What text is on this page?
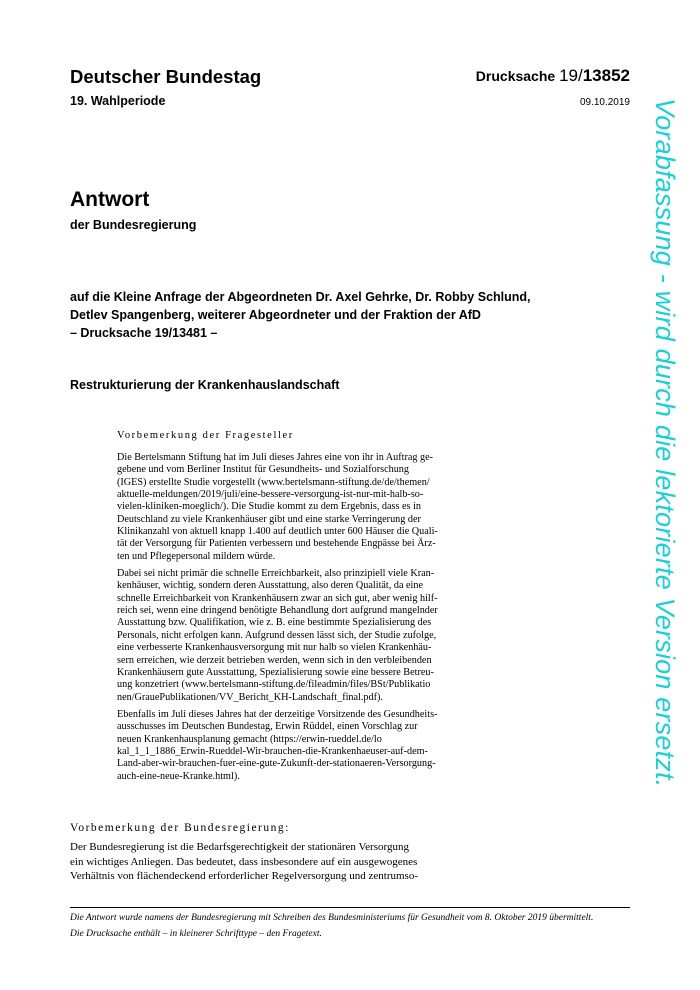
Deutscher Bundestag
19. Wahlperiode
Drucksache 19/13852
09.10.2019
Antwort
der Bundesregierung
auf die Kleine Anfrage der Abgeordneten Dr. Axel Gehrke, Dr. Robby Schlund,
Detlev Spangenberg, weiterer Abgeordneter und der Fraktion der AfD
– Drucksache 19/13481 –
Restrukturierung der Krankenhauslandschaft
Vorbemerkung der Fragesteller

Die Bertelsmann Stiftung hat im Juli dieses Jahres eine von ihr in Auftrag ge-
gebene und vom Berliner Institut für Gesundheits- und Sozialforschung
(IGES) erstellte Studie vorgestellt (www.bertelsmann-stiftung.de/de/themen/
aktuelle-meldungen/2019/juli/eine-bessere-versorgung-ist-nur-mit-halb-so-
vielen-kliniken-moeglich/). Die Studie kommt zu dem Ergebnis, dass es in
Deutschland zu viele Krankenhäuser gibt und eine starke Verringerung der
Klinikanzahl von aktuell knapp 1.400 auf deutlich unter 600 Häuser die Quali-
tät der Versorgung für Patienten verbessern und bestehende Engpässe bei Ärz-
ten und Pflegepersonal mildern würde.

Dabei sei nicht primär die schnelle Erreichbarkeit, also prinzipiell viele Kran-
kenhäuser, wichtig, sondern deren Ausstattung, also deren Qualität, da eine
schnelle Erreichbarkeit von Krankenhäusern zwar an sich gut, aber wenig hilf-
reich sei, wenn eine dringend benötigte Behandlung dort aufgrund mangelnder
Ausstattung bzw. Qualifikation, wie z. B. eine bestimmte Spezialisierung des
Personals, nicht erfolgen kann. Aufgrund dessen lässt sich, der Studie zufolge,
eine verbesserte Krankenhausversorgung mit nur halb so vielen Krankenhäu-
sern erreichen, wie derzeit betrieben werden, wenn sich in den verbleibenden
Krankenhäusern gute Ausstattung, Spezialisierung sowie eine bessere Betreu-
ung konzetriert (www.bertelsmann-stiftung.de/fileadmin/files/BSt/Publikatio
nen/GrauePublikationen/VV_Bericht_KH-Landschaft_final.pdf).

Ebenfalls im Juli dieses Jahres hat der derzeitige Vorsitzende des Gesundheits-
ausschusses im Deutschen Bundestag, Erwin Rüddel, einen Vorschlag zur
neuen Krankenhausplanung gemacht (https://erwin-rueddel.de/lo
kal_1_1_1886_Erwin-Rueddel-Wir-brauchen-die-Krankenhaeuser-auf-dem-
Land-aber-wir-brauchen-fuer-eine-gute-Zukunft-der-stationaeren-Versorgung-
auch-eine-neue-Kranke.html).

Vorbemerkung der Bundesregierung:

Der Bundesregierung ist die Bedarfsgerechtigkeit der stationären Versorgung
ein wichtiges Anliegen. Das bedeutet, dass insbesondere auf ein ausgewogenes
Verhältnis von flächendeckend erforderlicher Regelversorgung und zentrumso-

Die Antwort wurde namens der Bundesregierung mit Schreiben des Bundesministeriums für Gesundheit vom 8. Oktober 2019 übermittelt.

Die Drucksache enthält – in kleinerer Schrifttype – den Fragetext.

Vorabfassung - wird durch die lektorierte Version ersetzt.
